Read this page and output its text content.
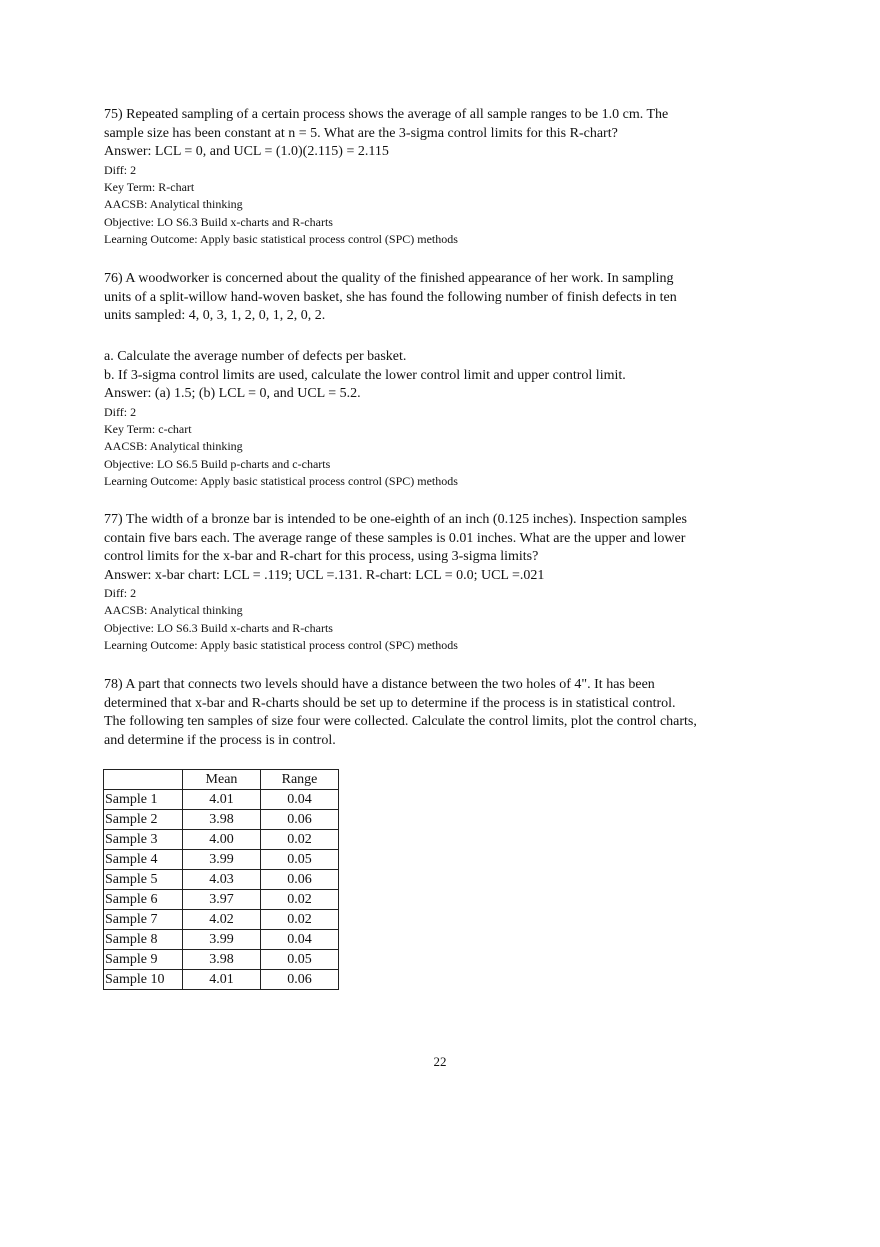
75) Repeated sampling of a certain process shows the average of all sample ranges to be 1.0 cm. The
sample size has been constant at n = 5. What are the 3-sigma control limits for this R-chart?
Answer: LCL = 0, and UCL = (1.0)(2.115) = 2.115
Diff: 2
Key Term: R-chart
AACSB: Analytical thinking
Objective: LO S6.3 Build x-charts and R-charts
Learning Outcome: Apply basic statistical process control (SPC) methods
76) A woodworker is concerned about the quality of the finished appearance of her work. In sampling
units of a split-willow hand-woven basket, she has found the following number of finish defects in ten
units sampled: 4, 0, 3, 1, 2, 0, 1, 2, 0, 2.
a. Calculate the average number of defects per basket.
b. If 3-sigma control limits are used, calculate the lower control limit and upper control limit.
Answer: (a) 1.5; (b) LCL = 0, and UCL = 5.2.
Diff: 2
Key Term: c-chart
AACSB: Analytical thinking
Objective: LO S6.5 Build p-charts and c-charts
Learning Outcome: Apply basic statistical process control (SPC) methods
77) The width of a bronze bar is intended to be one-eighth of an inch (0.125 inches). Inspection samples
contain five bars each. The average range of these samples is 0.01 inches. What are the upper and lower
control limits for the x-bar and R-chart for this process, using 3-sigma limits?
Answer: x-bar chart: LCL = .119; UCL =.131. R-chart: LCL = 0.0; UCL =.021
Diff: 2
AACSB: Analytical thinking
Objective: LO S6.3 Build x-charts and R-charts
Learning Outcome: Apply basic statistical process control (SPC) methods
78) A part that connects two levels should have a distance between the two holes of 4". It has been
determined that x-bar and R-charts should be set up to determine if the process is in statistical control.
The following ten samples of size four were collected. Calculate the control limits, plot the control charts,
and determine if the process is in control.
	Mean	Range
Sample 1	4.01	0.04
Sample 2	3.98	0.06
Sample 3	4.00	0.02
Sample 4	3.99	0.05
Sample 5	4.03	0.06
Sample 6	3.97	0.02
Sample 7	4.02	0.02
Sample 8	3.99	0.04
Sample 9	3.98	0.05
Sample 10	4.01	0.06
22
